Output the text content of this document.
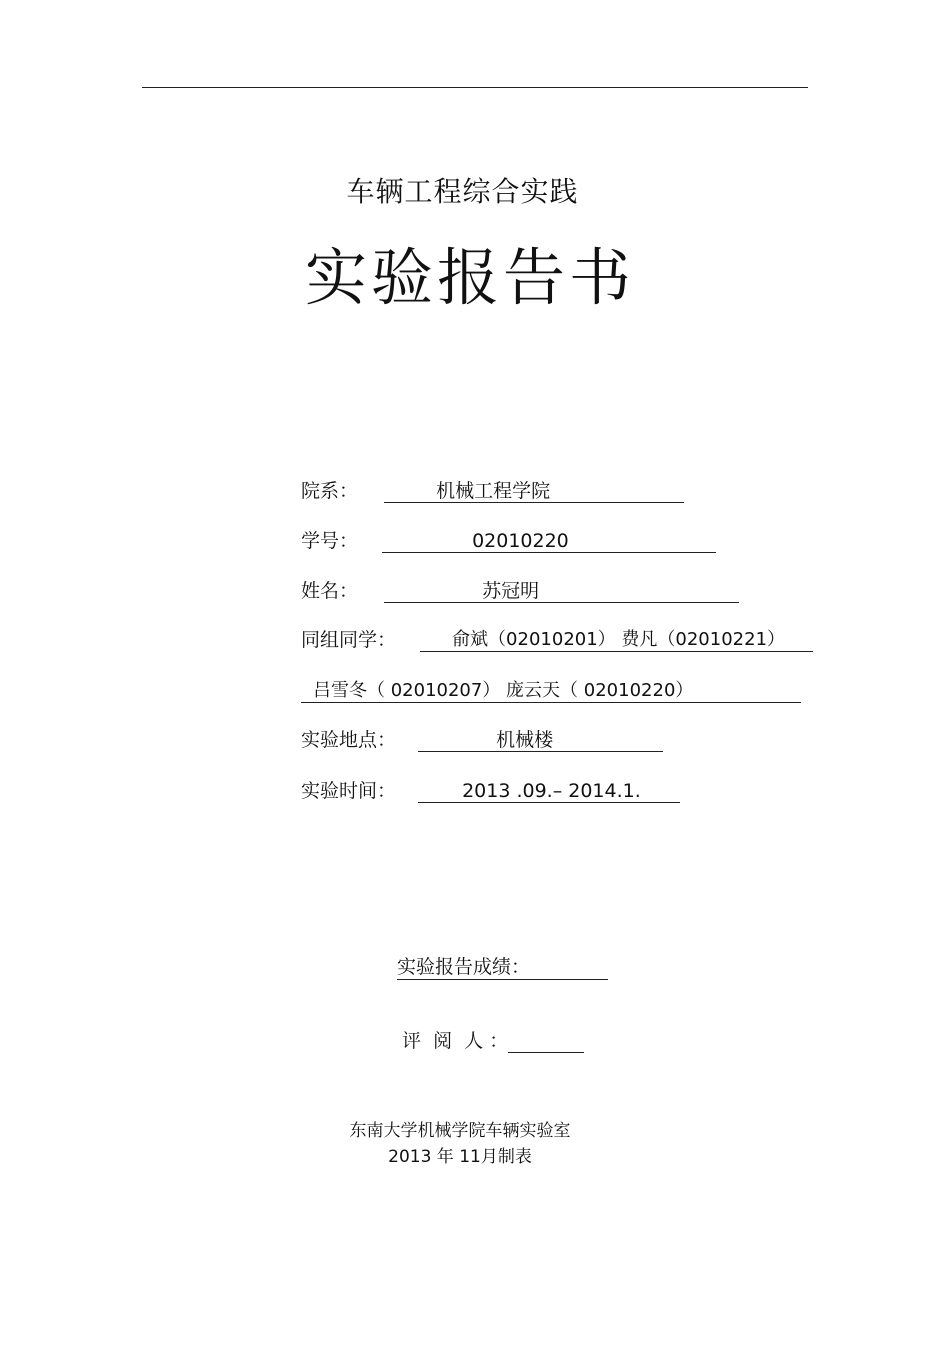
车辆工程综合实践
实验报告书
院系：	机械工程学院
学号：	02010220
姓名：	苏冠明
同组同学：	俞斌（02010201） 费凡（02010221）
吕雪冬（ 02010207） 庞云天（ 02010220）
实验地点：	机械楼
实验时间：	2013 .09.– 2014.1.
实验报告成绩：
评  阅  人 ：
东南大学机械学院车辆实验室
2013 年 11月制表
